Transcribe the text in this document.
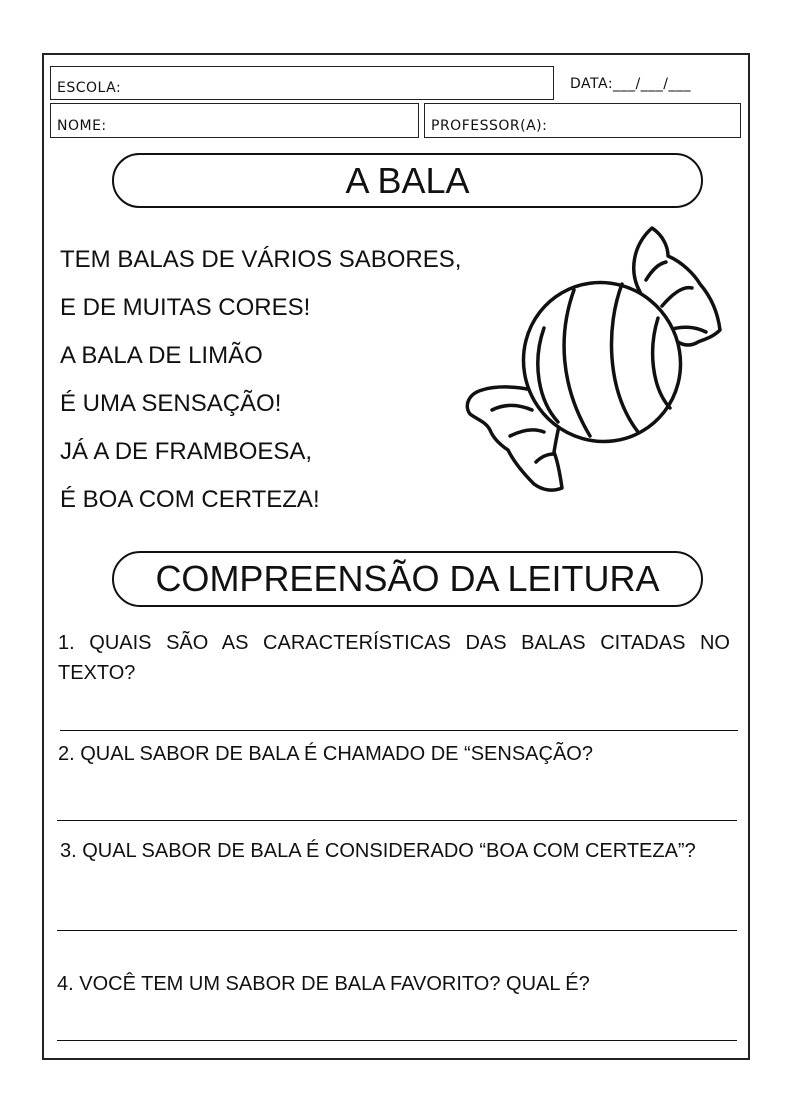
ESCOLA:	DATA:___/___/___
NOME:	PROFESSOR(A):
A BALA
TEM BALAS DE VÁRIOS SABORES,
E DE MUITAS CORES!
A BALA DE LIMÃO
É UMA SENSAÇÃO!
JÁ A DE FRAMBOESA,
É BOA COM CERTEZA!
COMPREENSÃO DA LEITURA
1. QUAIS SÃO AS CARACTERÍSTICAS DAS BALAS CITADAS NO TEXTO?
2. QUAL SABOR DE BALA É CHAMADO DE “SENSAÇÃO?
3. QUAL SABOR DE BALA É CONSIDERADO “BOA COM CERTEZA”?
4. VOCÊ TEM UM SABOR DE BALA FAVORITO? QUAL É?
